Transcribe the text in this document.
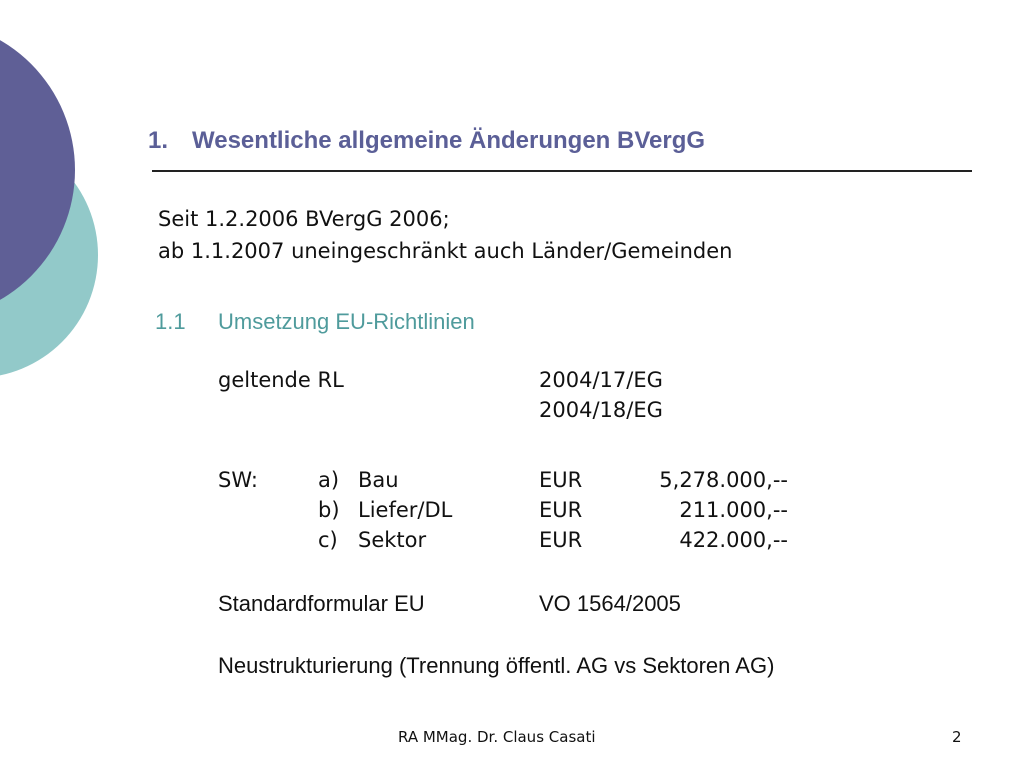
1. Wesentliche allgemeine Änderungen BVergG
Seit 1.2.2006 BVergG 2006;
ab 1.1.2007 uneingeschränkt auch Länder/Gemeinden
1.1 Umsetzung EU-Richtlinien
geltende RL	2004/17/EG
2004/18/EG
SW:	a) Bau	EUR	5,278.000,--
b) Liefer/DL	EUR	211.000,--
c) Sektor	EUR	422.000,--
Standardformular EU	VO 1564/2005
Neustrukturierung (Trennung öffentl. AG vs Sektoren AG)
RA MMag. Dr. Claus Casati	2
